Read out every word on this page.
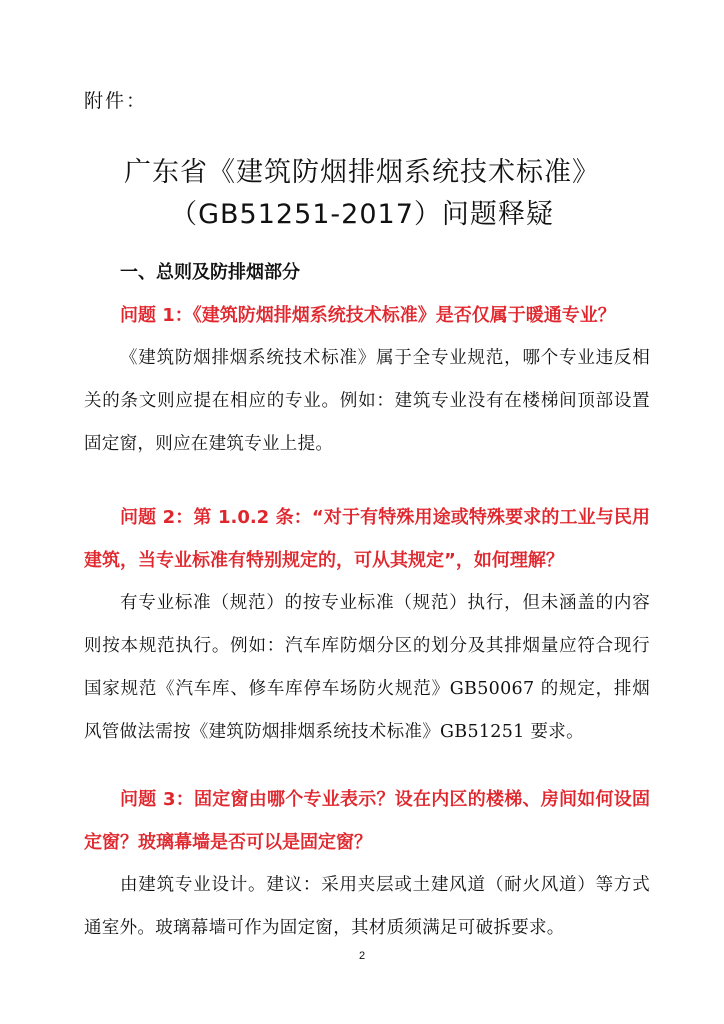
附件：
广东省《建筑防烟排烟系统技术标准》
（GB51251-2017）问题释疑
一、总则及防排烟部分

问题 1：《建筑防烟排烟系统技术标准》是否仅属于暖通专业？

《建筑防烟排烟系统技术标准》属于全专业规范，哪个专业违反相关的条文则应提在相应的专业。例如：建筑专业没有在楼梯间顶部设置固定窗，则应在建筑专业上提。

问题 2：第 1.0.2 条：“对于有特殊用途或特殊要求的工业与民用建筑，当专业标准有特别规定的，可从其规定”，如何理解？

有专业标准（规范）的按专业标准（规范）执行，但未涵盖的内容则按本规范执行。例如：汽车库防烟分区的划分及其排烟量应符合现行国家规范《汽车库、修车库停车场防火规范》GB50067 的规定，排烟风管做法需按《建筑防烟排烟系统技术标准》GB51251 要求。

问题 3：固定窗由哪个专业表示？设在内区的楼梯、房间如何设固定窗？玻璃幕墙是否可以是固定窗？

由建筑专业设计。建议：采用夹层或土建风道（耐火风道）等方式通室外。玻璃幕墙可作为固定窗，其材质须满足可破拆要求。

2
